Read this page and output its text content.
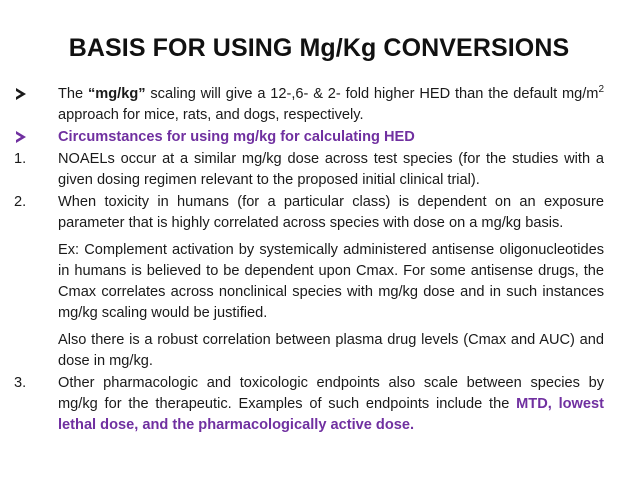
BASIS FOR USING Mg/Kg CONVERSIONS
The “mg/kg” scaling will give a 12-,6- & 2- fold higher HED than the default $mg/m^2$ approach for mice, rats, and dogs, respectively.
Circumstances for using mg/kg for calculating HED
1.	NOAELs occur at a similar mg/kg dose across test species (for the studies with a given dosing regimen relevant to the proposed initial clinical trial).
2.	When toxicity in humans (for a particular class) is dependent on an exposure parameter that is highly correlated across species with dose on a mg/kg basis.
Ex: Complement activation by systemically administered antisense oligonucleotides in humans is believed to be dependent upon Cmax. For some antisense drugs, the Cmax correlates across nonclinical species with mg/kg dose and in such instances mg/kg scaling would be justified.
Also there is a robust correlation between plasma drug levels (Cmax and AUC) and dose in mg/kg.
3.	Other pharmacologic and toxicologic endpoints also scale between species by mg/kg for the therapeutic. Examples of such endpoints include the MTD, lowest lethal dose, and the pharmacologically active dose.
